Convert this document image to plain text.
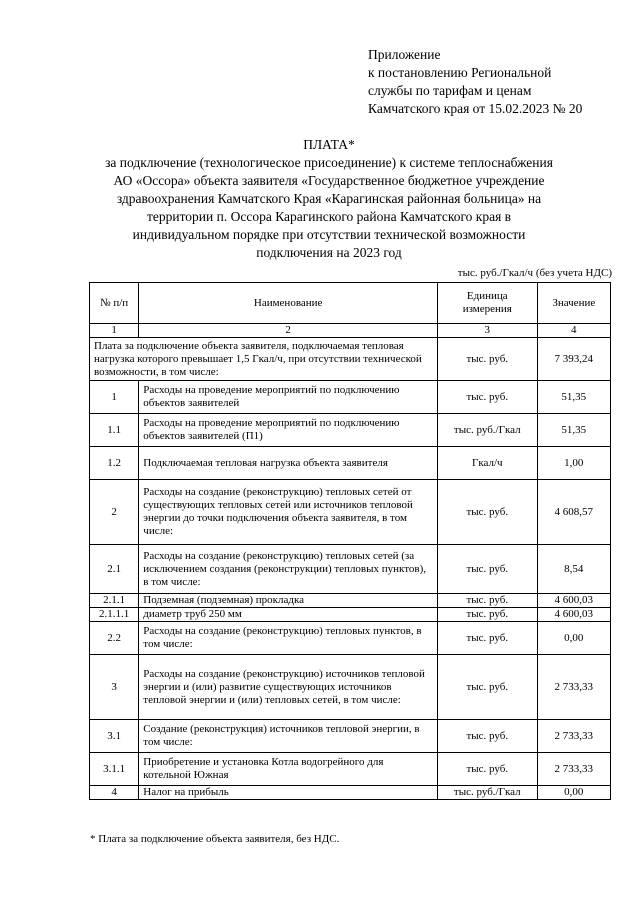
Приложение
к постановлению Региональной
службы по тарифам и ценам
Камчатского края от 15.02.2023 № 20
ПЛАТА*
за подключение (технологическое присоединение) к системе теплоснабжения
АО «Оссора» объекта заявителя «Государственное бюджетное учреждение
здравоохранения Камчатского Края «Карагинская районная больница» на
территории п. Оссора Карагинского района Камчатского края в
индивидуальном порядке при отсутствии технической возможности
подключения на 2023 год
тыс. руб./Гкал/ч (без учета НДС)
№ п/п	Наименование	Единица измерения	Значение
1	2	3	4
Плата за подключение объекта заявителя, подключаемая тепловая нагрузка которого превышает 1,5 Гкал/ч, при отсутствии технической возможности, в том числе:		тыс. руб.	7 393,24
1	Расходы на проведение мероприятий по подключению объектов заявителей	тыс. руб.	51,35
1.1	Расходы на проведение мероприятий по подключению объектов заявителей (П1)	тыс. руб./Гкал	51,35
1.2	Подключаемая тепловая нагрузка объекта заявителя	Гкал/ч	1,00
2	Расходы на создание (реконструкцию) тепловых сетей от существующих тепловых сетей или источников тепловой энергии до точки подключения объекта заявителя, в том числе:	тыс. руб.	4 608,57
2.1	Расходы на создание (реконструкцию) тепловых сетей (за исключением создания (реконструкции) тепловых пунктов), в том числе:	тыс. руб.	8,54
2.1.1	Подземная (подземная) прокладка	тыс. руб.	4 600,03
2.1.1.1	диаметр труб 250 мм	тыс. руб.	4 600,03
2.2	Расходы на создание (реконструкцию) тепловых пунктов, в том числе:	тыс. руб.	0,00
3	Расходы на создание (реконструкцию) источников тепловой энергии и (или) развитие существующих источников тепловой энергии и (или) тепловых сетей, в том числе:	тыс. руб.	2 733,33
3.1	Создание (реконструкция) источников тепловой энергии, в том числе:	тыс. руб.	2 733,33
3.1.1	Приобретение и установка Котла водогрейного для котельной Южная	тыс. руб.	2 733,33
4	Налог на прибыль	тыс. руб./Гкал	0,00
* Плата за подключение объекта заявителя, без НДС.
